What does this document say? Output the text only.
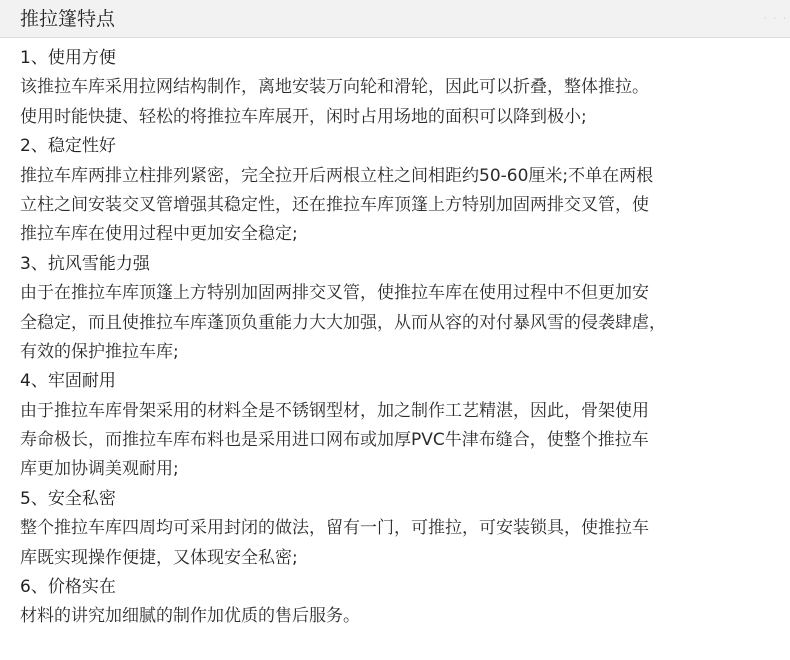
推拉篷特点	· · ·
1、使用方便
该推拉车库采用拉网结构制作，离地安装万向轮和滑轮，因此可以折叠，整体推拉。
使用时能快捷、轻松的将推拉车库展开，闲时占用场地的面积可以降到极小;
2、稳定性好
推拉车库两排立柱排列紧密，完全拉开后两根立柱之间相距约50-60厘米;不单在两根
立柱之间安装交叉管增强其稳定性，还在推拉车库顶篷上方特别加固两排交叉管，使
推拉车库在使用过程中更加安全稳定;
3、抗风雪能力强
由于在推拉车库顶篷上方特别加固两排交叉管，使推拉车库在使用过程中不但更加安
全稳定，而且使推拉车库蓬顶负重能力大大加强，从而从容的对付暴风雪的侵袭肆虐，
有效的保护推拉车库;
4、牢固耐用
由于推拉车库骨架采用的材料全是不锈钢型材，加之制作工艺精湛，因此，骨架使用
寿命极长，而推拉车库布料也是采用进口网布或加厚PVC牛津布缝合，使整个推拉车
库更加协调美观耐用;
5、安全私密
整个推拉车库四周均可采用封闭的做法，留有一门，可推拉，可安装锁具，使推拉车
库既实现操作便捷，又体现安全私密;
6、价格实在
材料的讲究加细腻的制作加优质的售后服务。
